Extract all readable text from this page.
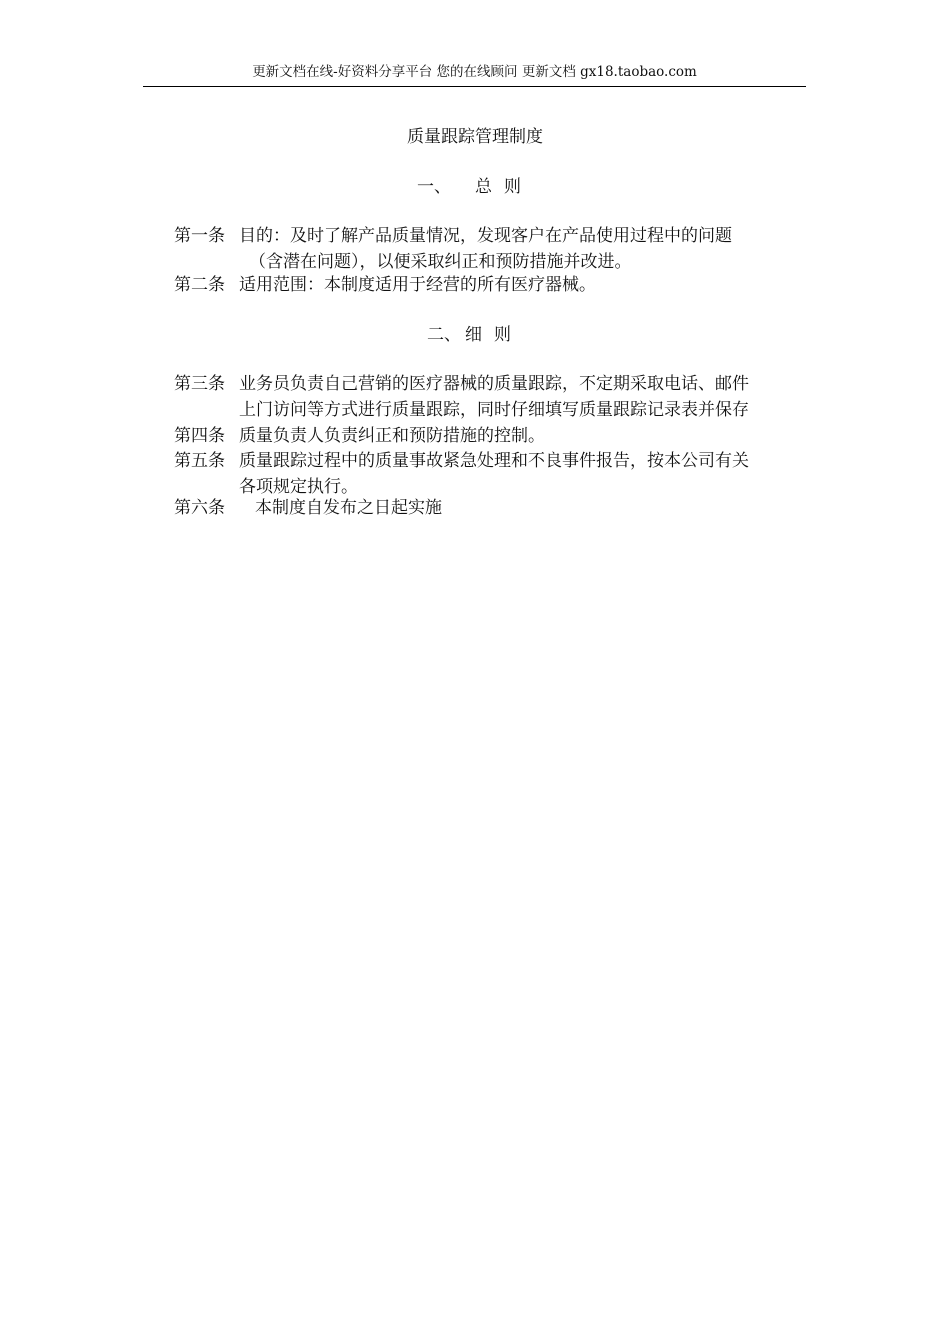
更新文档在线-好资料分享平台 您的在线顾问 更新文档 gx18.taobao.com
质量跟踪管理制度
一、 总则
第一条 目的：及时了解产品质量情况，发现客户在产品使用过程中的问题
（含潜在问题），以便采取纠正和预防措施并改进。
第二条 适用范围：本制度适用于经营的所有医疗器械。
二、 细则
第三条 业务员负责自己营销的医疗器械的质量跟踪，不定期采取电话、邮件
上门访问等方式进行质量跟踪，同时仔细填写质量跟踪记录表并保存
第四条 质量负责人负责纠正和预防措施的控制。
第五条 质量跟踪过程中的质量事故紧急处理和不良事件报告，按本公司有关
各项规定执行。
第六条 本制度自发布之日起实施
